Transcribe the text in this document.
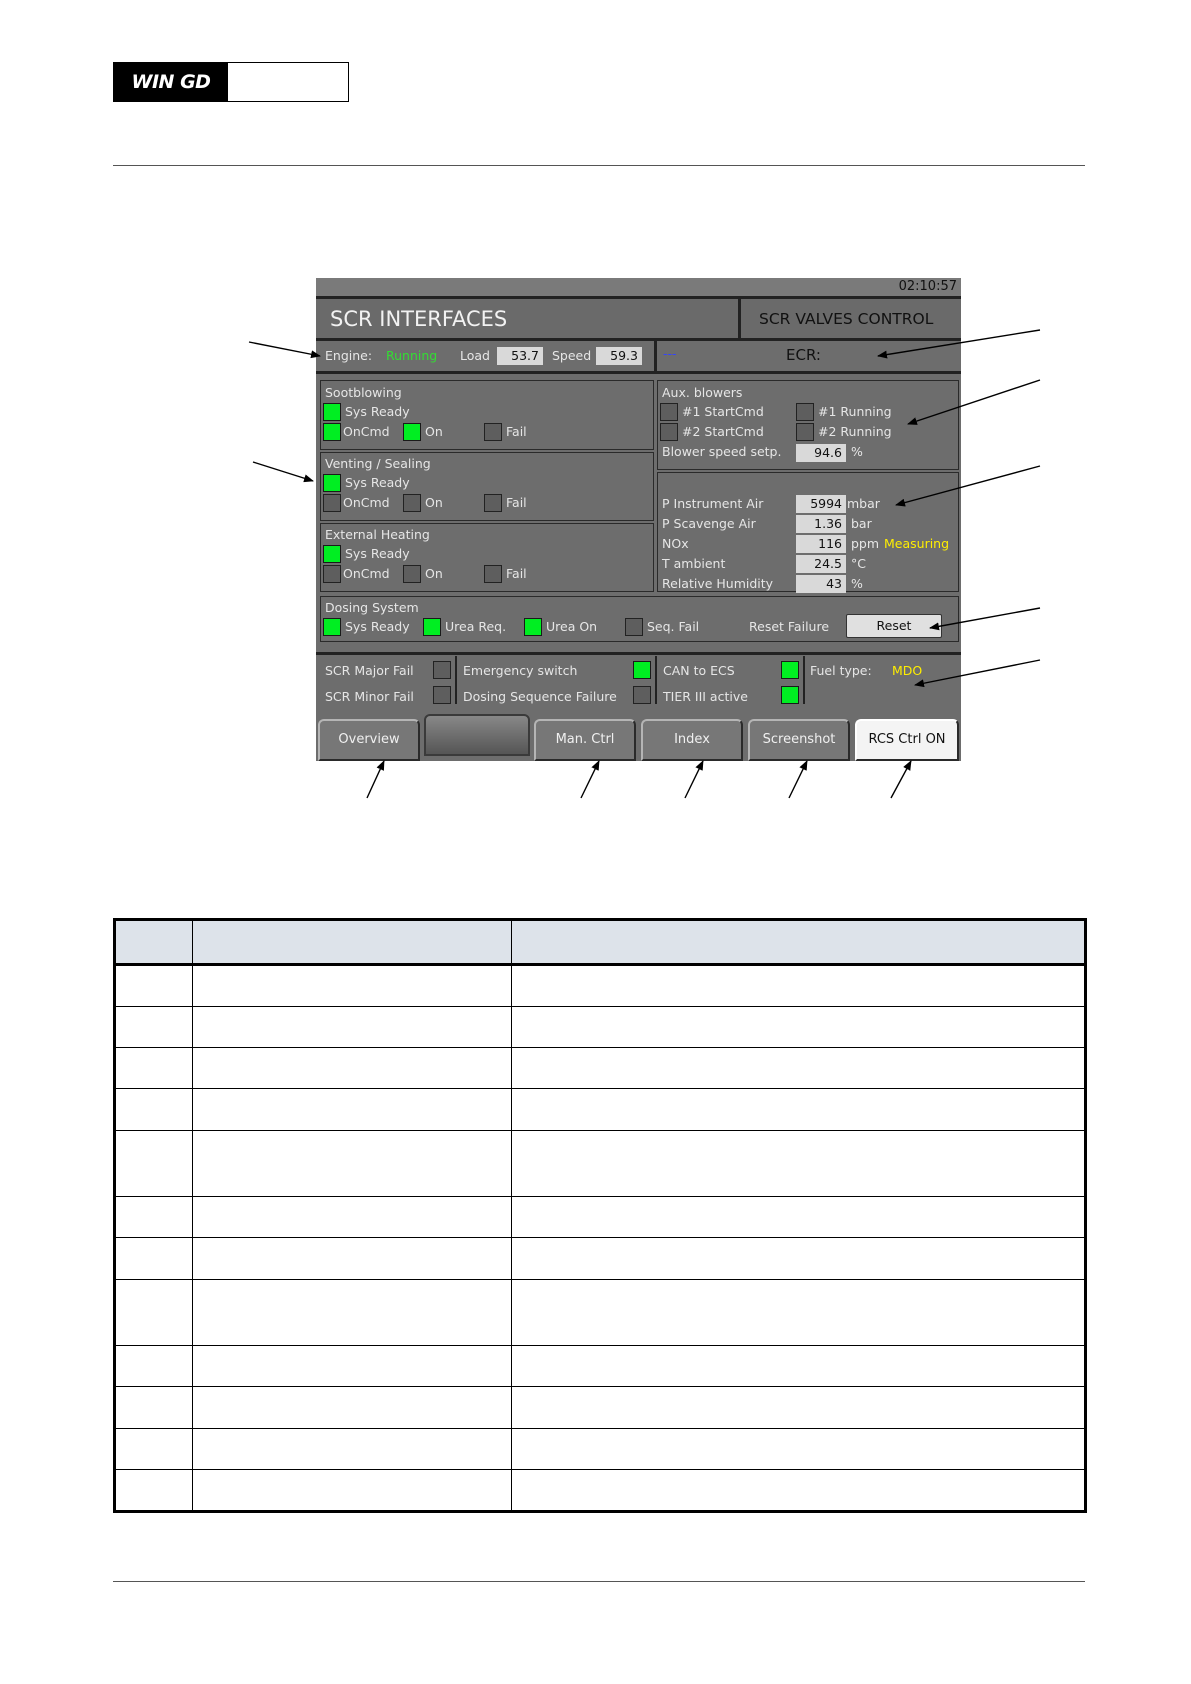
WIN GD
02:10:57
SCR INTERFACES	SCR VALVES CONTROL
Engine: Running Load	53.7	Speed	59.3	---	ECR:
Sootblowing
Sys Ready
OnCmd	On	Fail
Venting / Sealing
Sys Ready
OnCmd	On	Fail
External Heating
Sys Ready
OnCmd	On	Fail
Aux. blowers
#1 StartCmd	#1 Running
#2 StartCmd	#2 Running
Blower speed setp.	94.6 %
P Instrument Air	5994 mbar
P Scavenge Air	1.36 bar
NOx	116 ppm Measuring
T ambient	24.5 °C
Relative Humidity	43 %
Dosing System
Sys Ready	Urea Req.	Urea On	Seq. Fail	Reset Failure	Reset
SCR Major Fail
SCR Minor Fail
Emergency switch
Dosing Sequence Failure
CAN to ECS
TIER III active
Fuel type: MDO
Overview	Man. Ctrl	Index	Screenshot	RCS Ctrl ON
